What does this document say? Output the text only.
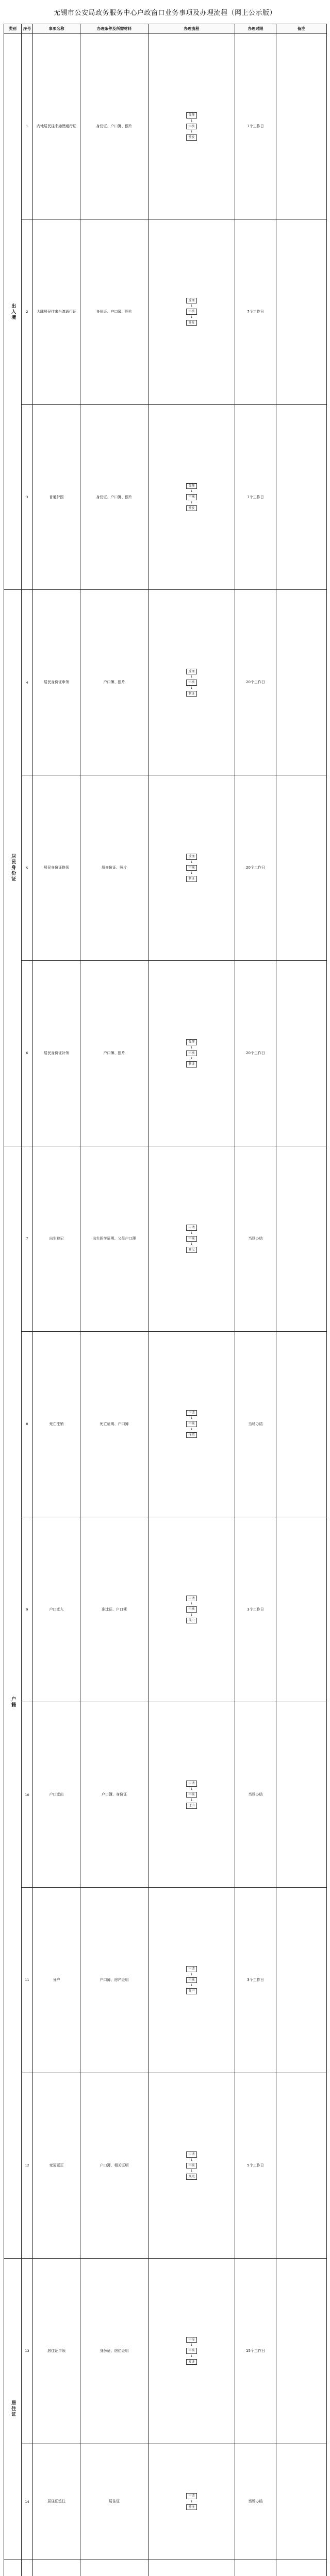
无锡市公安局政务服务中心户政窗口业务事项及办理流程（网上公示版）
类别	序号	事项名称	办理条件及所需材料	办理流程	办理时限	备注
出入境	1	内地居民往来港澳通行证	身份证、户口簿、照片	受理
↓
审核
↓
签发	7个工作日	
	2	大陆居民往来台湾通行证	身份证、户口簿、照片	受理
↓
审核
↓
签发	7个工作日	
	3	普通护照	身份证、户口簿、照片	受理
↓
审核
↓
签发	7个工作日	
居民身份证	4	居民身份证申领	户口簿、照片	受理
↓
审核
↓
制证	20个工作日	
	5	居民身份证换领	原身份证、照片	受理
↓
审核
↓
制证	20个工作日	
	6	居民身份证补领	户口簿、照片	受理
↓
审核
↓
制证	20个工作日	
户籍	7	出生登记	出生医学证明、父母户口簿	申请
↓
审核
↓
登记	当场办结	
	8	死亡注销	死亡证明、户口簿	申请
↓
审核
↓
注销	当场办结	
	9	户口迁入	准迁证、户口簿	申请
↓
审核
↓
落户	3个工作日	
	10	户口迁出	户口簿、身份证	申请
↓
审核
↓
迁出	当场办结	
	11	分户	户口簿、房产证明	申请
↓
审核
↓
分户	3个工作日	
	12	变更更正	户口簿、相关证明	申请
↓
审核
↓
变更	5个工作日	
居住证	13	居住证申领	身份证、居住证明	申报
↓
审核
↓
发证	15个工作日	
	14	居住证签注	居住证	申请
↓
签注	当场办结	
